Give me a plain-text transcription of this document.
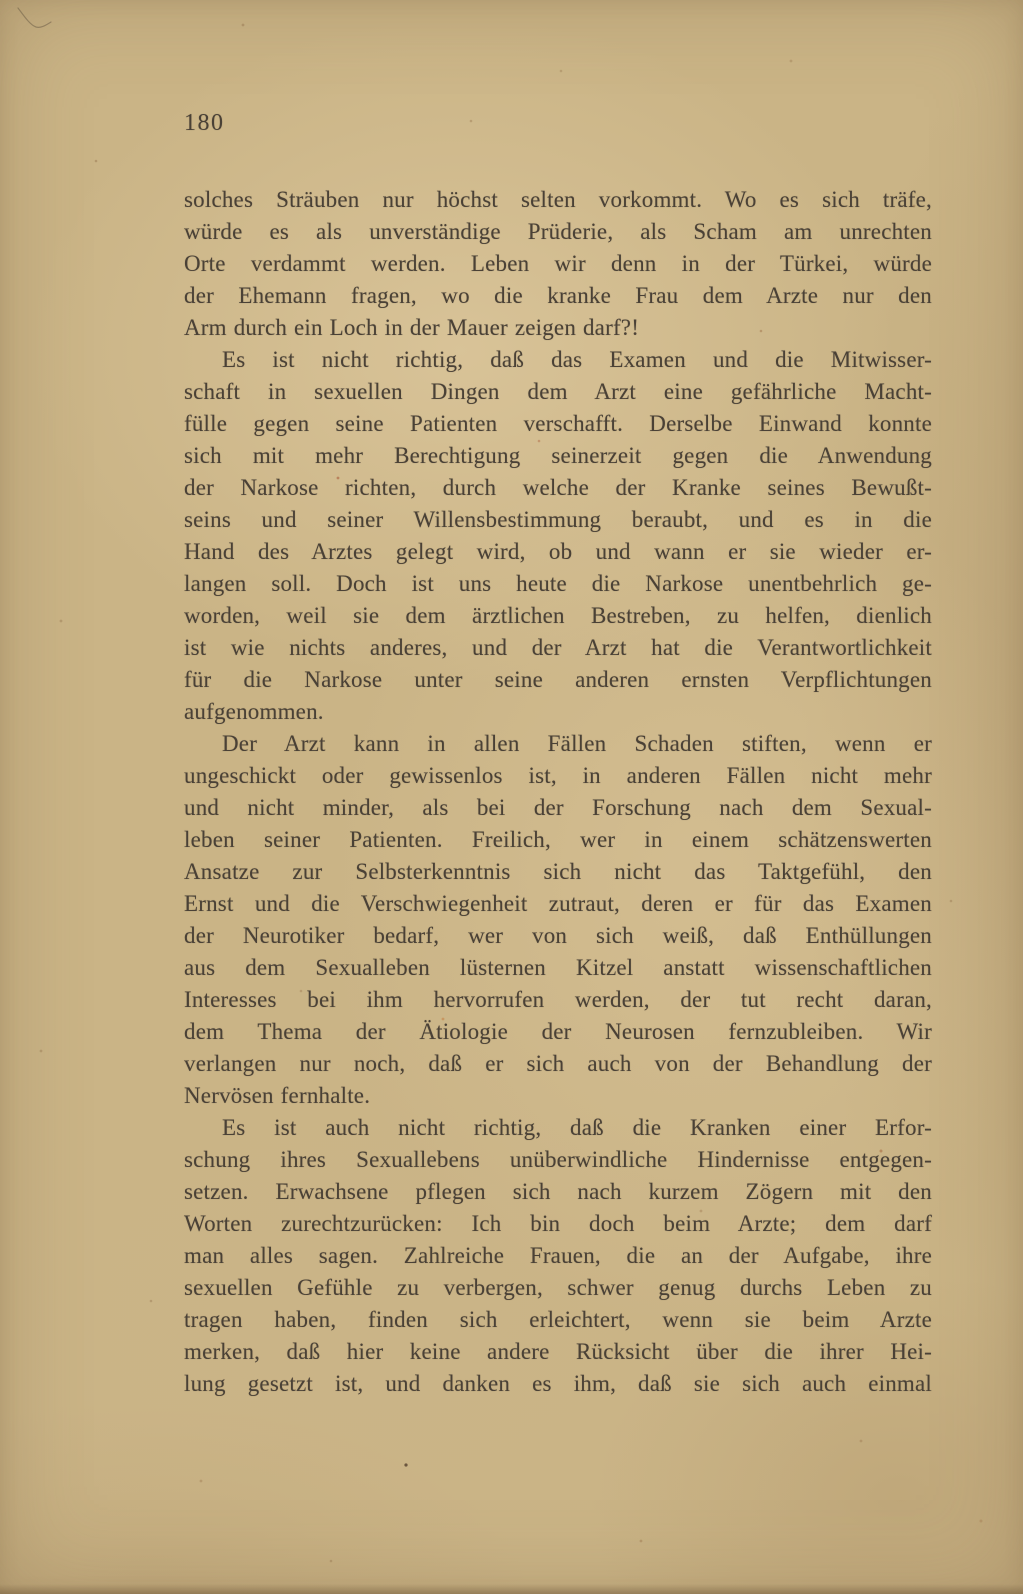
180

solches Sträuben nur höchst selten vorkommt. Wo es sich träfe,
würde es als unverständige Prüderie, als Scham am unrechten
Orte verdammt werden. Leben wir denn in der Türkei, würde
der Ehemann fragen, wo die kranke Frau dem Arzte nur den
Arm durch ein Loch in der Mauer zeigen darf?!

Es ist nicht richtig, daß das Examen und die Mitwisser-
schaft in sexuellen Dingen dem Arzt eine gefährliche Macht-
fülle gegen seine Patienten verschafft. Derselbe Einwand konnte
sich mit mehr Berechtigung seinerzeit gegen die Anwendung
der Narkose richten, durch welche der Kranke seines Bewußt-
seins und seiner Willensbestimmung beraubt, und es in die
Hand des Arztes gelegt wird, ob und wann er sie wieder er-
langen soll. Doch ist uns heute die Narkose unentbehrlich ge-
worden, weil sie dem ärztlichen Bestreben, zu helfen, dienlich
ist wie nichts anderes, und der Arzt hat die Verantwortlichkeit
für die Narkose unter seine anderen ernsten Verpflichtungen
aufgenommen.

Der Arzt kann in allen Fällen Schaden stiften, wenn er
ungeschickt oder gewissenlos ist, in anderen Fällen nicht mehr
und nicht minder, als bei der Forschung nach dem Sexual-
leben seiner Patienten. Freilich, wer in einem schätzenswerten
Ansatze zur Selbsterkenntnis sich nicht das Taktgefühl, den
Ernst und die Verschwiegenheit zutraut, deren er für das Examen
der Neurotiker bedarf, wer von sich weiß, daß Enthüllungen
aus dem Sexualleben lüsternen Kitzel anstatt wissenschaftlichen
Interesses bei ihm hervorrufen werden, der tut recht daran,
dem Thema der Ätiologie der Neurosen fernzubleiben. Wir
verlangen nur noch, daß er sich auch von der Behandlung der
Nervösen fernhalte.

Es ist auch nicht richtig, daß die Kranken einer Erfor-
schung ihres Sexuallebens unüberwindliche Hindernisse entgegen-
setzen. Erwachsene pflegen sich nach kurzem Zögern mit den
Worten zurechtzurücken: Ich bin doch beim Arzte; dem darf
man alles sagen. Zahlreiche Frauen, die an der Aufgabe, ihre
sexuellen Gefühle zu verbergen, schwer genug durchs Leben zu
tragen haben, finden sich erleichtert, wenn sie beim Arzte
merken, daß hier keine andere Rücksicht über die ihrer Hei-
lung gesetzt ist, und danken es ihm, daß sie sich auch einmal
